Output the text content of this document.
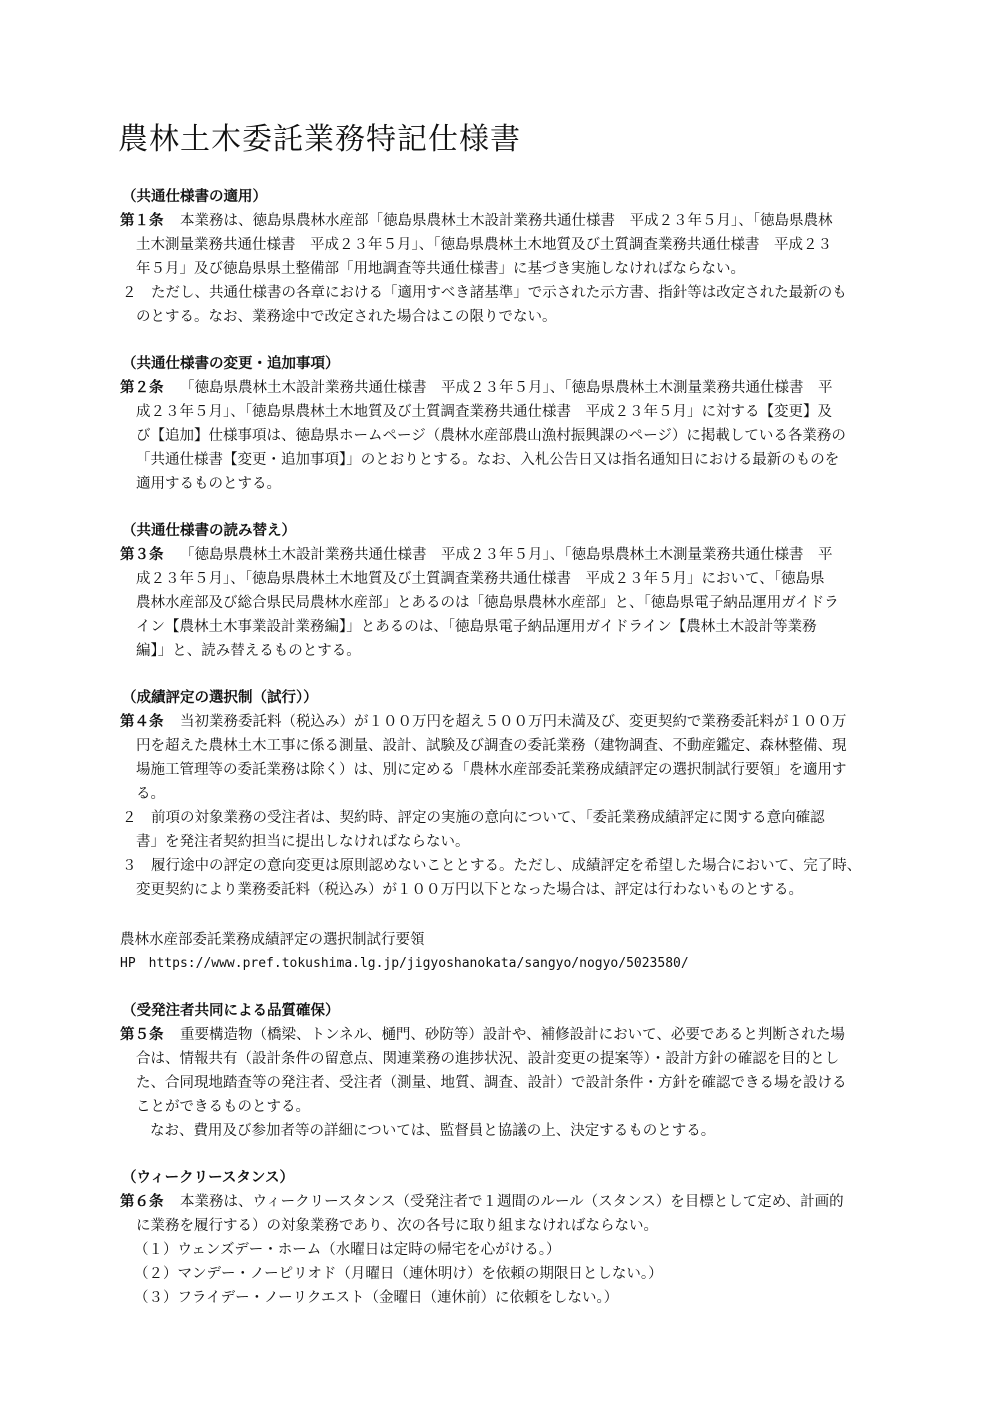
農林土木委託業務特記仕様書
（共通仕様書の適用）
第１条 本業務は、徳島県農林水産部「徳島県農林土木設計業務共通仕様書　平成２３年５月」、「徳島県農林
土木測量業務共通仕様書　平成２３年５月」、「徳島県農林土木地質及び土質調査業務共通仕様書　平成２３
年５月」及び徳島県県土整備部「用地調査等共通仕様書」に基づき実施しなければならない。
２　ただし、共通仕様書の各章における「適用すべき諸基準」で示された示方書、指針等は改定された最新のも
のとする。なお、業務途中で改定された場合はこの限りでない。
（共通仕様書の変更・追加事項）
第２条 「徳島県農林土木設計業務共通仕様書　平成２３年５月」、「徳島県農林土木測量業務共通仕様書　平
成２３年５月」、「徳島県農林土木地質及び土質調査業務共通仕様書　平成２３年５月」に対する【変更】及
び【追加】仕様事項は、徳島県ホームページ（農林水産部農山漁村振興課のページ）に掲載している各業務の
「共通仕様書【変更・追加事項】」のとおりとする。なお、入札公告日又は指名通知日における最新のものを
適用するものとする。
（共通仕様書の読み替え）
第３条 「徳島県農林土木設計業務共通仕様書　平成２３年５月」、「徳島県農林土木測量業務共通仕様書　平
成２３年５月」、「徳島県農林土木地質及び土質調査業務共通仕様書　平成２３年５月」において、「徳島県
農林水産部及び総合県民局農林水産部」とあるのは「徳島県農林水産部」と、「徳島県電子納品運用ガイドラ
イン【農林土木事業設計業務編】」とあるのは、「徳島県電子納品運用ガイドライン【農林土木設計等業務
編】」と、読み替えるものとする。
（成績評定の選択制（試行））
第４条 当初業務委託料（税込み）が１００万円を超え５００万円未満及び、変更契約で業務委託料が１００万
円を超えた農林土木工事に係る測量、設計、試験及び調査の委託業務（建物調査、不動産鑑定、森林整備、現
場施工管理等の委託業務は除く）は、別に定める「農林水産部委託業務成績評定の選択制試行要領」を適用す
る。
２　前項の対象業務の受注者は、契約時、評定の実施の意向について、「委託業務成績評定に関する意向確認
書」を発注者契約担当に提出しなければならない。
３　履行途中の評定の意向変更は原則認めないこととする。ただし、成績評定を希望した場合において、完了時、
変更契約により業務委託料（税込み）が１００万円以下となった場合は、評定は行わないものとする。
農林水産部委託業務成績評定の選択制試行要領
HP　https://www.pref.tokushima.lg.jp/jigyoshanokata/sangyo/nogyo/5023580/
（受発注者共同による品質確保）
第５条 重要構造物（橋梁、トンネル、樋門、砂防等）設計や、補修設計において、必要であると判断された場
合は、情報共有（設計条件の留意点、関連業務の進捗状況、設計変更の提案等）・設計方針の確認を目的とし
た、合同現地踏査等の発注者、受注者（測量、地質、調査、設計）で設計条件・方針を確認できる場を設ける
ことができるものとする。
なお、費用及び参加者等の詳細については、監督員と協議の上、決定するものとする。
（ウィークリースタンス）
第６条 本業務は、ウィークリースタンス（受発注者で１週間のルール（スタンス）を目標として定め、計画的
に業務を履行する）の対象業務であり、次の各号に取り組まなければならない。
（１）ウェンズデー・ホーム（水曜日は定時の帰宅を心がける。）
（２）マンデー・ノーピリオド（月曜日（連休明け）を依頼の期限日としない。）
（３）フライデー・ノーリクエスト（金曜日（連休前）に依頼をしない。）
